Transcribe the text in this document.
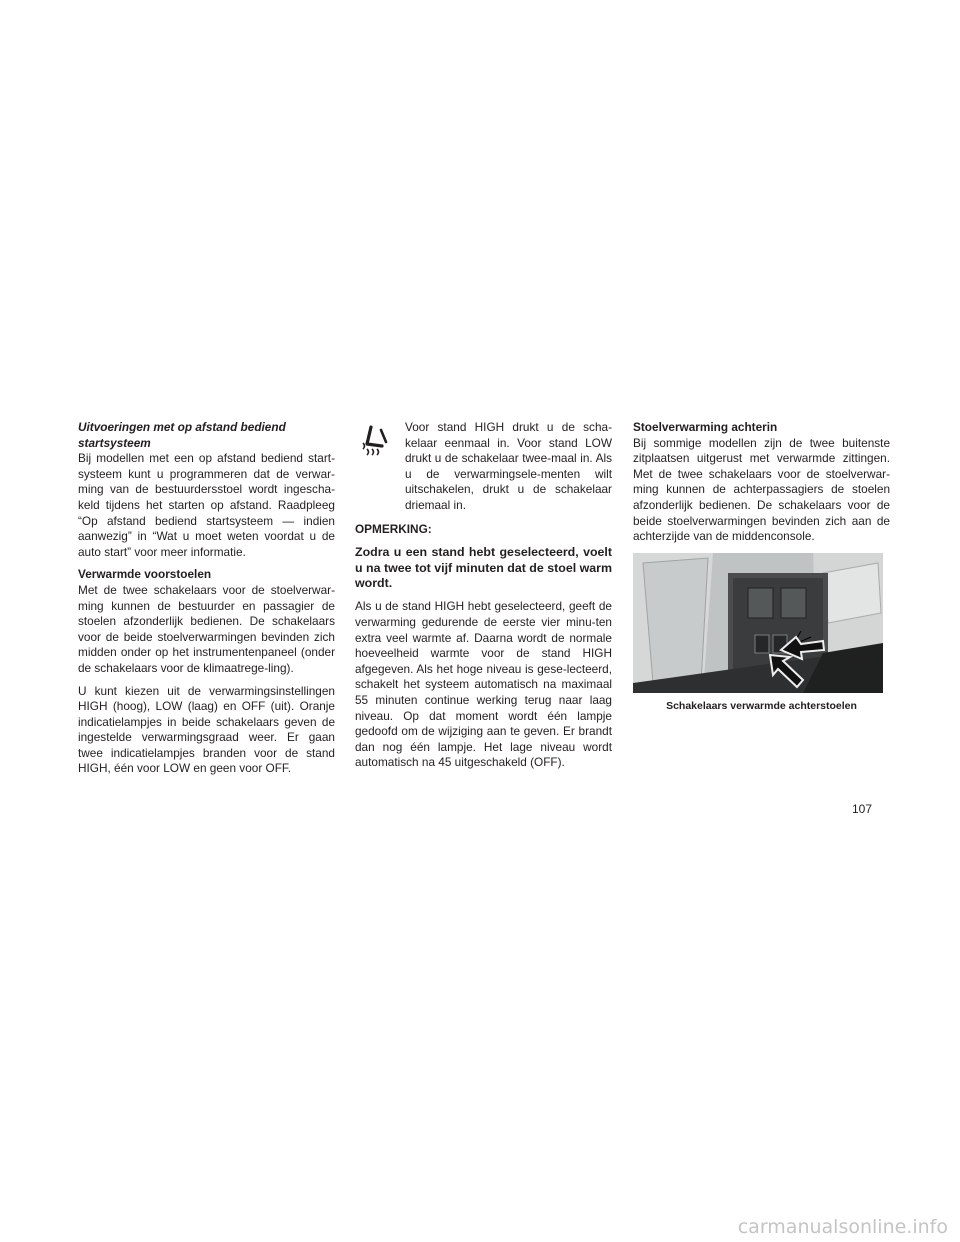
Uitvoeringen met op afstand bediend startsysteem

Bij modellen met een op afstand bediend start-systeem kunt u programmeren dat de verwar-ming van de bestuurdersstoel wordt ingescha-keld tijdens het starten op afstand. Raadpleeg “Op afstand bediend startsysteem — indien aanwezig” in “Wat u moet weten voordat u de auto start” voor meer informatie.

Verwarmde voorstoelen

Met de twee schakelaars voor de stoelverwar-ming kunnen de bestuurder en passagier de stoelen afzonderlijk bedienen. De schakelaars voor de beide stoelverwarmingen bevinden zich midden onder op het instrumentenpaneel (onder de schakelaars voor de klimaatrege-ling).

U kunt kiezen uit de verwarmingsinstellingen HIGH (hoog), LOW (laag) en OFF (uit). Oranje indicatielampjes in beide schakelaars geven de ingestelde verwarmingsgraad weer. Er gaan twee indicatielampjes branden voor de stand HIGH, één voor LOW en geen voor OFF.

Voor stand HIGH drukt u de scha-kelaar eenmaal in. Voor stand LOW drukt u de schakelaar twee-maal in. Als u de verwarmingsele-menten wilt uitschakelen, drukt u de schakelaar driemaal in.
OPMERKING:
Zodra u een stand hebt geselecteerd, voelt u na twee tot vijf minuten dat de stoel warm wordt.

Als u de stand HIGH hebt geselecteerd, geeft de verwarming gedurende de eerste vier minu-ten extra veel warmte af. Daarna wordt de normale hoeveelheid warmte voor de stand HIGH afgegeven. Als het hoge niveau is gese-lecteerd, schakelt het systeem automatisch na maximaal 55 minuten continue werking terug naar laag niveau. Op dat moment wordt één lampje gedoofd om de wijziging aan te geven. Er brandt dan nog één lampje. Het lage niveau wordt automatisch na 45 uitgeschakeld (OFF).

Stoelverwarming achterin

Bij sommige modellen zijn de twee buitenste zitplaatsen uitgerust met verwarmde zittingen. Met de twee schakelaars voor de stoelverwar-ming kunnen de achterpassagiers de stoelen afzonderlijk bedienen. De schakelaars voor de beide stoelverwarmingen bevinden zich aan de achterzijde van de middenconsole.

030909669
Schakelaars verwarmde achterstoelen
107
carmanualsonline.info
